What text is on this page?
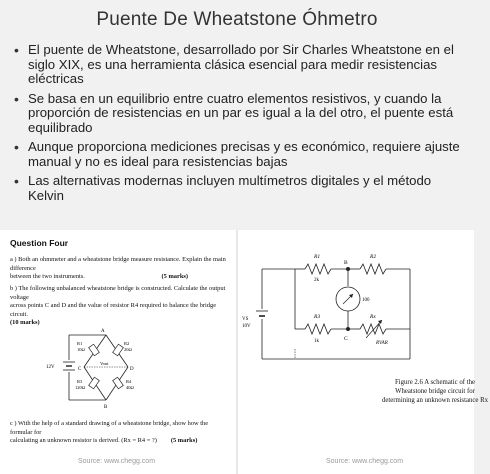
Puente De Wheatstone Óhmetro
• El puente de Wheatstone, desarrollado por Sir Charles Wheatstone en el siglo XIX, es una herramienta clásica esencial para medir resistencias eléctricas
• Se basa en un equilibrio entre cuatro elementos resistivos, y cuando la proporción de resistencias en un par es igual a la del otro, el puente está equilibrado
• Aunque proporciona mediciones precisas y es económico, requiere ajuste manual y no es ideal para resistencias bajas
• Las alternativas modernas incluyen multímetros digitales y el método Kelvin
Question Four
a ) Both an ohmmeter and a wheatstone bridge measure resistance. Explain the main difference
between the two instruments.	(5 marks)
b ) The following unbalanced wheatstone bridge is constructed. Calculate the output voltage
across points C and D and the value of resistor R4 required to balance the bridge circuit.
(10 marks)
12V
A
B
C	D
Vout
R1
10Ω
R2
20Ω
R3
120Ω
R4
40Ω
c ) With the help of a standard drawing of a wheatstone bridge, show how the formular for
calculating an unknown resistor is derived. (Rx = R4 = ?) (5 marks)
Source: www.chegg.com
VS
10V
R1
2k
R2
B
R3
1k
Rx
C
100
RVAR
Figure 2.6 A schematic of the Wheatstone bridge circuit for
determining an unknown resistance Rx
Source: www.chegg.com
